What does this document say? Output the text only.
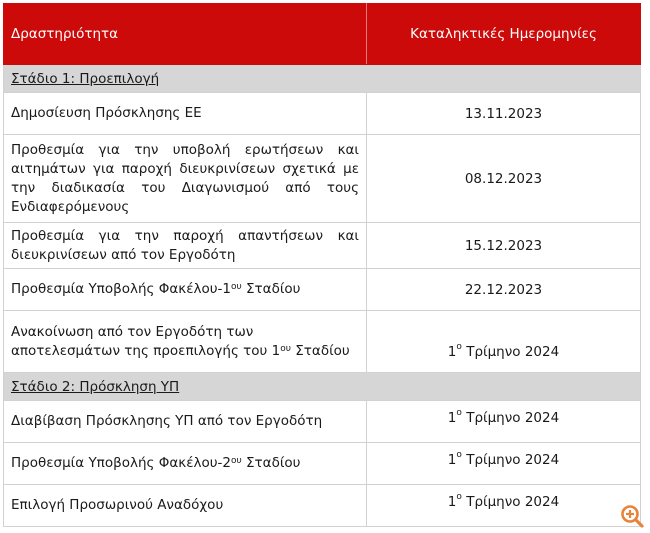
Δραστηριότητα	Καταληκτικές Ημερομηνίες
Στάδιο 1: Προεπιλογή	
Δημοσίευση Πρόσκλησης ΕΕ	13.11.2023
Προθεσμία για την υποβολή ερωτήσεων και αιτημάτων για παροχή διευκρινίσεων σχετικά με την διαδικασία του Διαγωνισμού από τους Ενδιαφερόμενους	08.12.2023
Προθεσμία για την παροχή απαντήσεων και διευκρινίσεων από τον Εργοδότη	15.12.2023
Προθεσμία Υποβολής Φακέλου-$1^{o\upsilon}$ Σταδίου	22.12.2023
Ανακοίνωση από τον Εργοδότη των αποτελεσμάτων της προεπιλογής του $1^{o\upsilon}$ Σταδίου	$1^o$ Τρίμηνο 2024
Στάδιο 2: Πρόσκληση ΥΠ	
Διαβίβαση Πρόσκλησης ΥΠ από τον Εργοδότη	$1^o$ Τρίμηνο 2024
Προθεσμία Υποβολής Φακέλου-$2^{o\upsilon}$ Σταδίου	$1^o$ Τρίμηνο 2024
Επιλογή Προσωρινού Αναδόχου	$1^o$ Τρίμηνο 2024
